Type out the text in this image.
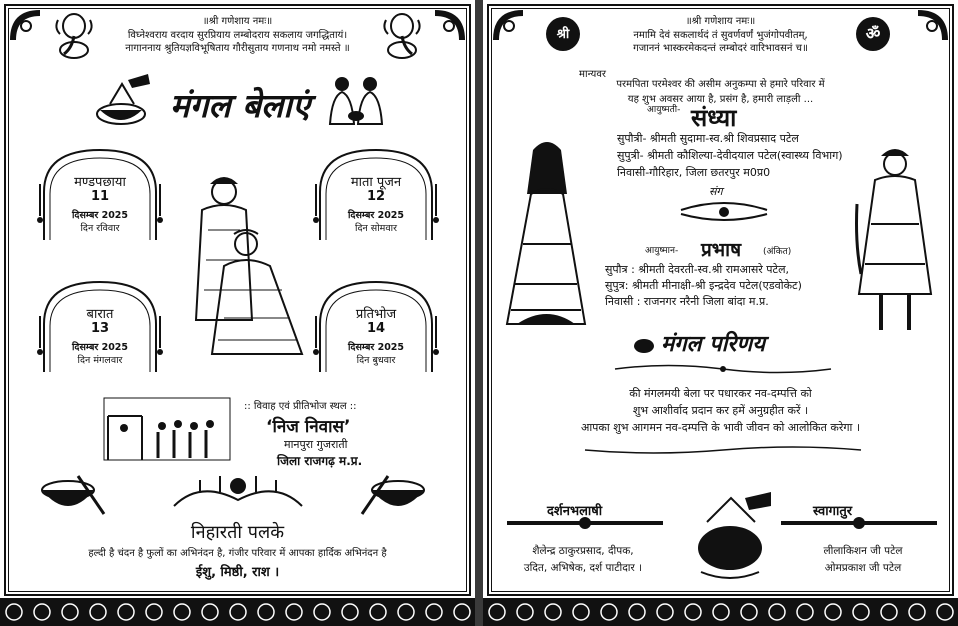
॥श्री गणेशाय नमः॥
विघ्नेश्वराय वरदाय सुरप्रियाय लम्बोदराय सकलाय जगद्धितायं।
नागाननाय श्रुतियज्ञविभूषिताय गौरीसुताय गणनाथ नमो नमस्ते ॥
मंगल बेलाएं
मण्डपछाया
11
दिसम्बर 2025
दिन रविवार
माता पूजन
12
दिसम्बर 2025
दिन सोमवार
बारात
13
दिसम्बर 2025
दिन मंगलवार
प्रतिभोज
14
दिसम्बर 2025
दिन बुधवार
:: विवाह एवं प्रीतिभोज स्थल ::
‘निज निवास’
मानपुरा गुजराती
जिला राजगढ़ म.प्र.
निहारती पलके
हल्दी है चंदन है फुलों का अभिनंदन है, गंजीर परिवार में आपका हार्दिक अभिनंदन है
ईशु, मिष्ठी, राश ।
श्री	ॐ
॥श्री गणेशाय नमः॥
नमामि देवं सकलार्थदं तं सुवर्णवर्णं भुजंगोपवीतम्,
गजाननं भास्करमेकदन्तं लम्बोदरं वारिभावसनं च॥
मान्यवर
परमपिता परमेश्वर की असीम अनुकम्पा से हमारे परिवार में
यह शुभ अवसर आया है, प्रसंग है, हमारी लाड़ली ...
आयुष्मती- संध्या
सुपौत्री- श्रीमती सुदामा-स्व.श्री शिवप्रसाद पटेल
सुपुत्री- श्रीमती कौशिल्या-देवीदयाल पटेल(स्वास्थ्य विभाग)
निवासी-गौरिहार, जिला छतरपुर म0प्र0
संग
आयुष्मान- प्रभाष (अंकित)
सुपौत्र : श्रीमती देवरती-स्व.श्री रामआसरे पटेल,
सुपुत्र: श्रीमती मीनाक्षी-श्री इन्द्रदेव पटेल(एडवोकेट)
निवासी : राजनगर नरैनी जिला बांदा म.प्र.
मंगल परिणय
की मंगलमयी बेला पर पधारकर नव-दम्पत्ति को
शुभ आशीर्वाद प्रदान कर हमें अनुग्रहीत करें ।
आपका शुभ आगमन नव-दम्पत्ति के भावी जीवन को आलोकित करेगा ।
दर्शनभलाषी
शैलेन्द्र ठाकुरप्रसाद, दीपक,
उदित, अभिषेक, दर्श पाटीदार ।
स्वागातुर
लीलाकिशन जी पटेल
ओमप्रकाश जी पटेल
